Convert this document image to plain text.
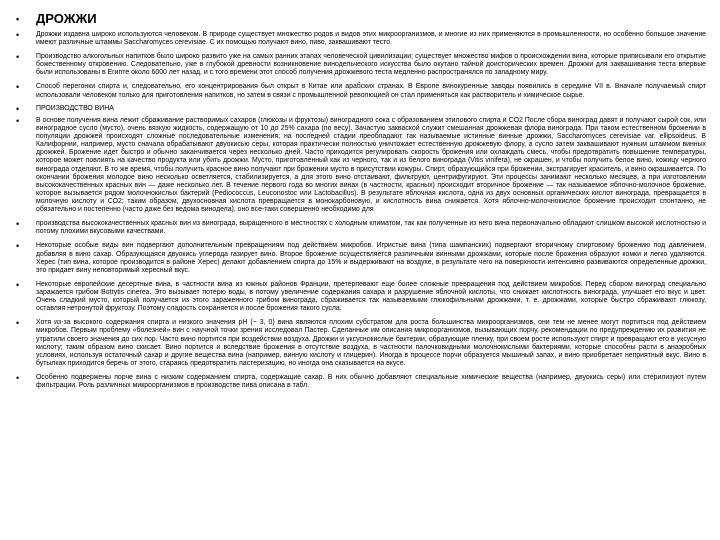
• ДРОЖЖИ
• Дрожжи издавна широко используются человеком. В природе существует множество родов и видов этих микроорганизмов, и многие из них применяются в промышленности, но особенно большое значение имеют различные штаммы Saccharomyces cerevisiae. С их помощью получают вино, пиво, заквашивают тесто.
• Производство алкогольных напитков было широко развито уже на самых ранних этапах человеческой цивилизации; существует множество мифов о происхождении вина, которые приписывали его открытие божественному откровению. Следовательно, уже в глубокой древности возникновение винодельческого искусства было окутано тайной доисторических времен. Дрожжи для заквашивания теста впервые были использованы в Египте около 6000 лет назад, и с того времени этот способ получения дрожжевого теста медленно распространялся по западному миру.
• Способ перегонки спирта и, следовательно, его концентрирования был открыт в Китае или арабских странах. В Европе винокуренные заводы появились в середине VII в. Вначале получаемый спирт использовали человеком только для приготовления напитков, но затем в связи с промышленной революцией он стал применяться как растворитель и химическое сырье.
• ПРОИЗВОДСТВО ВИНА
• В основе получения вина лежит сбраживание растворимых сахаров (глюкозы и фруктозы) виноградного сока с образованием этилового спирта и CO2 После сбора виноград давят и получают сырой сок, или виноградное сусло (мусто), очень вязкую жидкость, содержащую от 10 до 25% сахара (по весу). Зачастую закваской служит смешанная дрожжевая флора винограда. При таком естественном брожении в популяции дрожжей происходят сложные последовательные изменения; на последней стадии преобладают так называемые истинные винные дрожжи, Saccharomyces cerevisiae var. ellipsoideus. В Калифорнии, например, мусто сначала обрабатывают двуокисью серы, которая практически полностью уничтожает естественную дрожжевую флору, а сусло затем заквашивают нужным штаммом винных дрожжей. Брожение идет быстро и обычно заканчивается через несколько дней. Часто приходится регулировать скорость брожения или охлаждать смесь, чтобы предотвратить повышение температуры, которое может повлиять на качество продукта или убить дрожжи. Мусто, приготовленный как из черного, так и из белого винограда (Vitis vinifera), не окрашен, и чтобы получить белое вино, кожицу черного винограда отделяют. В то же время, чтобы получить красное вино получают при брожении мусто в присутствии кожуры. Спирт, образующийся при брожении, экстрагирует краситель, и вино окрашивается. По окончании брожения молодое вино несколько осветляется, стабилизируется, а для этого вино отстаивают, фильтруют, центрифугируют. Эти процессы занимают несколько месяцев, а при изготовлении высококачественных красных вин — даже несколько лет. В течение первого года во многих винах (в частности, красных) происходит вторичное брожение — так называемое яблочно-молочное брожение, которое вызывается рядом молочнокислых бактерий (Pediococcus, Leuconostoc или Lactobacillus). В результате яблочная кислота, одна из двух основных органических кислот винограда, превращается в молочную кислоту и CO2; таким образом, двухосновная кислота превращается в монокарбоновую, и кислотность вина снижается. Хотя яблочно-молочнокислое брожение происходит спонтанно, не обязательно и постепенно (часто даже без ведома винодела), оно все-таки совершенно необходимо для
• производства высококачественных красных вин из винограда, выращенного в местностях с холодным климатом, так как полученные из него вина первоначально обладают слишком высокой кислотностью и потому плохими вкусовыми качествами.
• Некоторые особые виды вин подвергают дополнительным превращениям под действием микробов. Игристые вина (типа шампанских) подвергают вторичному спиртовому брожению под давлением, добавляя в вино сахар. Образующаяся двуокись углерода газирует вино. Второе брожение осуществляется различными винными дрожжами, которые после брожения образуют комки и легко удаляются. Херес (тип вина, которое производится в районе Херес) делают добавлением спирта до 15% и выдерживают на воздухе, в результате чего на поверхности интенсивно развиваются определенные дрожжи, это придает вину неповторимый хересный вкус.
• Некоторые европейские десертные вина, в частности вина из южных районов Франции, претерпевают еще более сложные превращения под действием микробов. Перед сбором виноград специально заражается грибом Botrytis cinerea. Это вызывает потерю воды, в потому увеличение содержания сахара и разрушение яблочной кислоты, что снижает кислотность винограда, улучшает его вкус и цвет. Очень сладкий мусто, который получается из этого зараженного грибом винограда, сбраживается так называемыми глюкофильными дрожжами, т. е. дрожжами, которые быстро сбраживают глюкозу, оставляя нетронутой фруктозу. Поэтому сладость сохраняется и после брожения такого сусла.
• Хотя из-за высокого содержания спирта и низкого значения pH (~ 3, 0) вина являются плохим субстратом для роста большинства микроорганизмов, они тем не менее могут портиться под действием микробов. Первым проблему «болезней» вин с научной точки зрения исследовал Пастер. Сделанные им описания микроорганизмов, вызывающих порчу, рекомендации по предупреждению их развития не утратили своего значения до сих пор. Часто вино портится при воздействии воздуха. Дрожжи и уксуснокислые бактерии, образующие пленку, при своем росте используют спирт и превращают его в уксусную кислоту; таким образом вино скисает. Вино портится и вследствие брожения в отсутствие воздуха, в частности палочковидными молочнокислыми бактериями, которые способны расти в анаэробных условиях, используя остаточный сахар и другие вещества вина (например, винную кислоту и глицерин). Иногда в процессе порчи образуется мышиный запах, и вино приобретает неприятный вкус. Вино в бутылках приходится беречь от этого, стараясь предотвратить пастеризацию, но иногда она сказывается на вкусе.
• Особенно подвержены порче вина с низким содержанием спирта, содержащие сахар. В них обычно добавляют специальные химические вещества (например, двуокись серы) или стерилизуют путем фильтрации. Роль различных микроорганизмов в производстве пива описана в табл.
